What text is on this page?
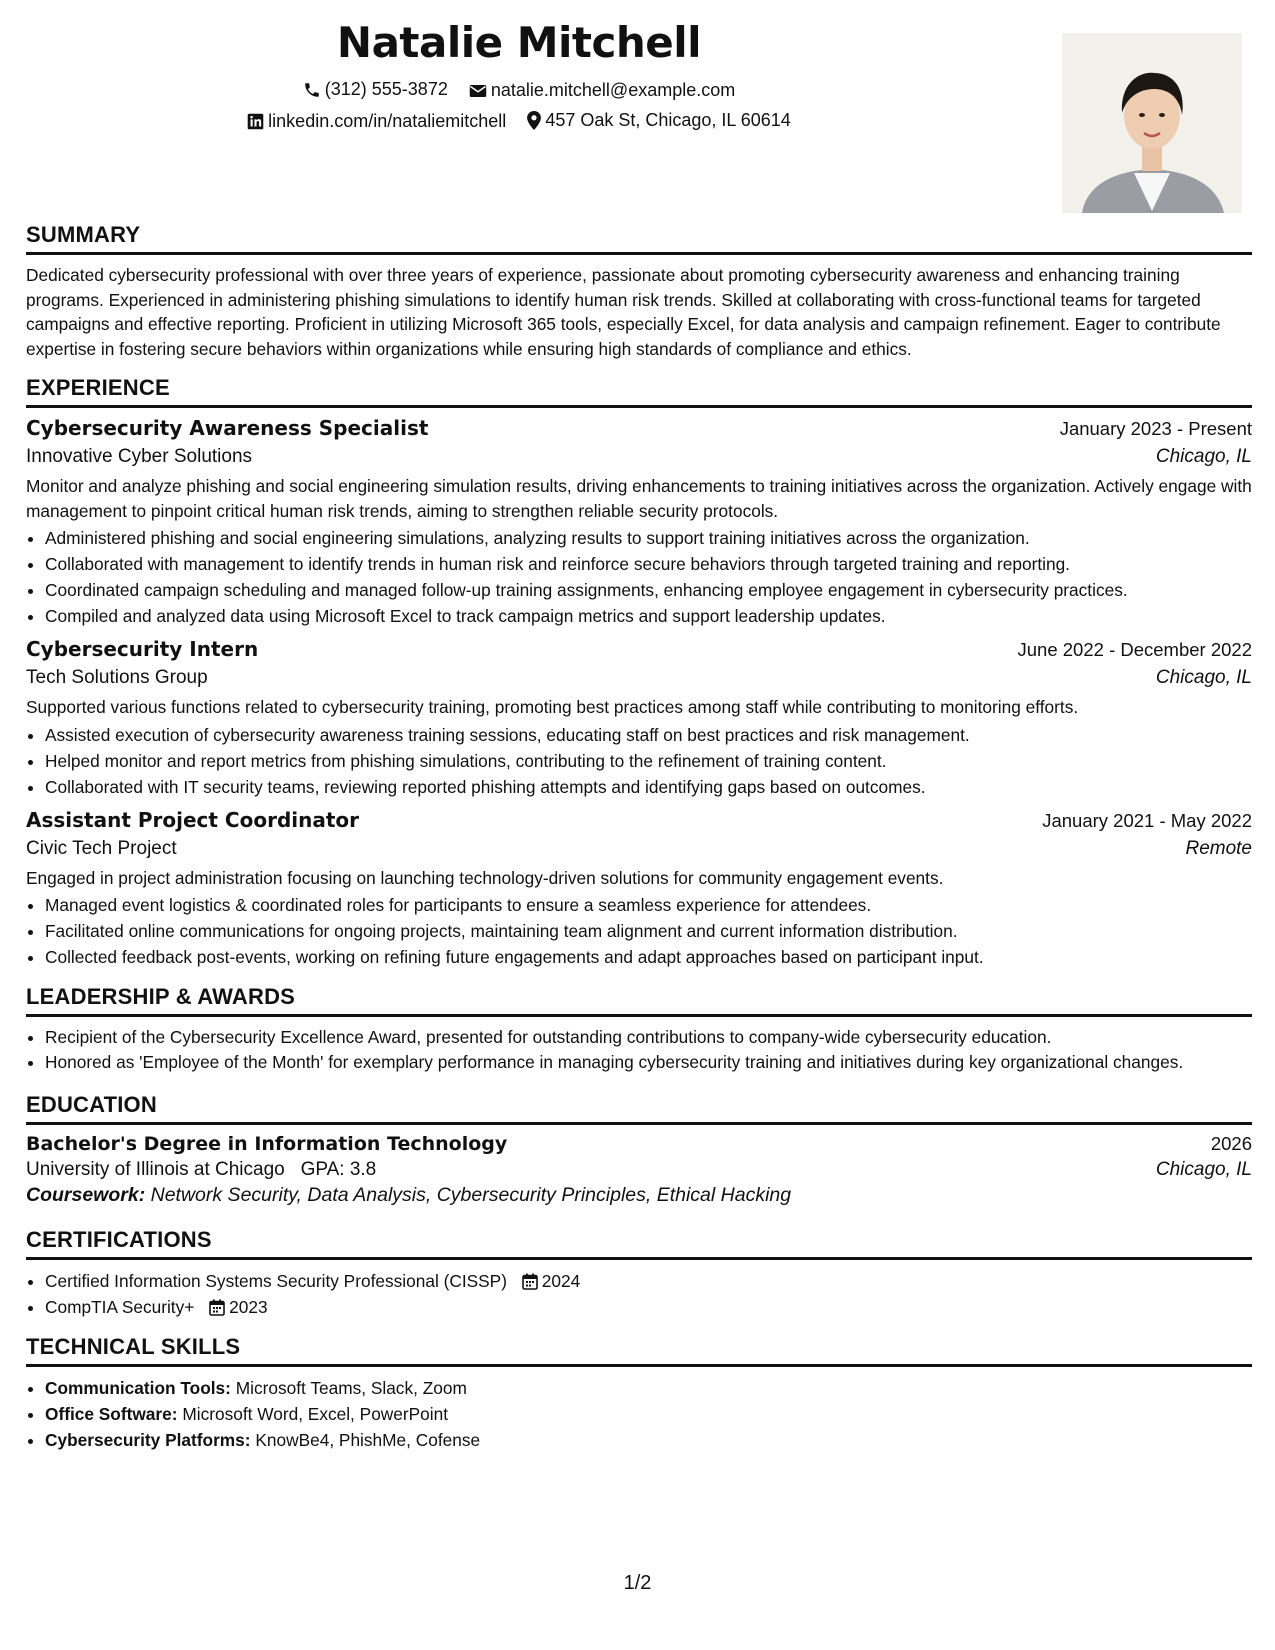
Natalie Mitchell
(312) 555-3872
natalie.mitchell@example.com
linkedin.com/in/nataliemitchell
457 Oak St, Chicago, IL 60614
SUMMARY

Dedicated cybersecurity professional with over three years of experience, passionate about promoting cybersecurity awareness and enhancing training programs. Experienced in administering phishing simulations to identify human risk trends. Skilled at collaborating with cross-functional teams for targeted campaigns and effective reporting. Proficient in utilizing Microsoft 365 tools, especially Excel, for data analysis and campaign refinement. Eager to contribute expertise in fostering secure behaviors within organizations while ensuring high standards of compliance and ethics.

EXPERIENCE
Cybersecurity Awareness Specialist	January 2023 - Present
Innovative Cyber Solutions	Chicago, IL

Monitor and analyze phishing and social engineering simulation results, driving enhancements to training initiatives across the organization. Actively engage with management to pinpoint critical human risk trends, aiming to strengthen reliable security protocols.

• Administered phishing and social engineering simulations, analyzing results to support training initiatives across the organization.
• Collaborated with management to identify trends in human risk and reinforce secure behaviors through targeted training and reporting.
• Coordinated campaign scheduling and managed follow-up training assignments, enhancing employee engagement in cybersecurity practices.
• Compiled and analyzed data using Microsoft Excel to track campaign metrics and support leadership updates.
Cybersecurity Intern	June 2022 - December 2022
Tech Solutions Group	Chicago, IL

Supported various functions related to cybersecurity training, promoting best practices among staff while contributing to monitoring efforts.

• Assisted execution of cybersecurity awareness training sessions, educating staff on best practices and risk management.
• Helped monitor and report metrics from phishing simulations, contributing to the refinement of training content.
• Collaborated with IT security teams, reviewing reported phishing attempts and identifying gaps based on outcomes.
Assistant Project Coordinator	January 2021 - May 2022
Civic Tech Project	Remote

Engaged in project administration focusing on launching technology-driven solutions for community engagement events.

• Managed event logistics & coordinated roles for participants to ensure a seamless experience for attendees.
• Facilitated online communications for ongoing projects, maintaining team alignment and current information distribution.
• Collected feedback post-events, working on refining future engagements and adapt approaches based on participant input.
LEADERSHIP & AWARDS
• Recipient of the Cybersecurity Excellence Award, presented for outstanding contributions to company-wide cybersecurity education.
• Honored as 'Employee of the Month' for exemplary performance in managing cybersecurity training and initiatives during key organizational changes.
EDUCATION
Bachelor's Degree in Information Technology	2026
University of Illinois at Chicago GPA: 3.8	Chicago, IL
Coursework: Network Security, Data Analysis, Cybersecurity Principles, Ethical Hacking
CERTIFICATIONS
• Certified Information Systems Security Professional (CISSP) 2024
• CompTIA Security+ 2023
TECHNICAL SKILLS
• Communication Tools: Microsoft Teams, Slack, Zoom
• Office Software: Microsoft Word, Excel, PowerPoint
• Cybersecurity Platforms: KnowBe4, PhishMe, Cofense
1/2
